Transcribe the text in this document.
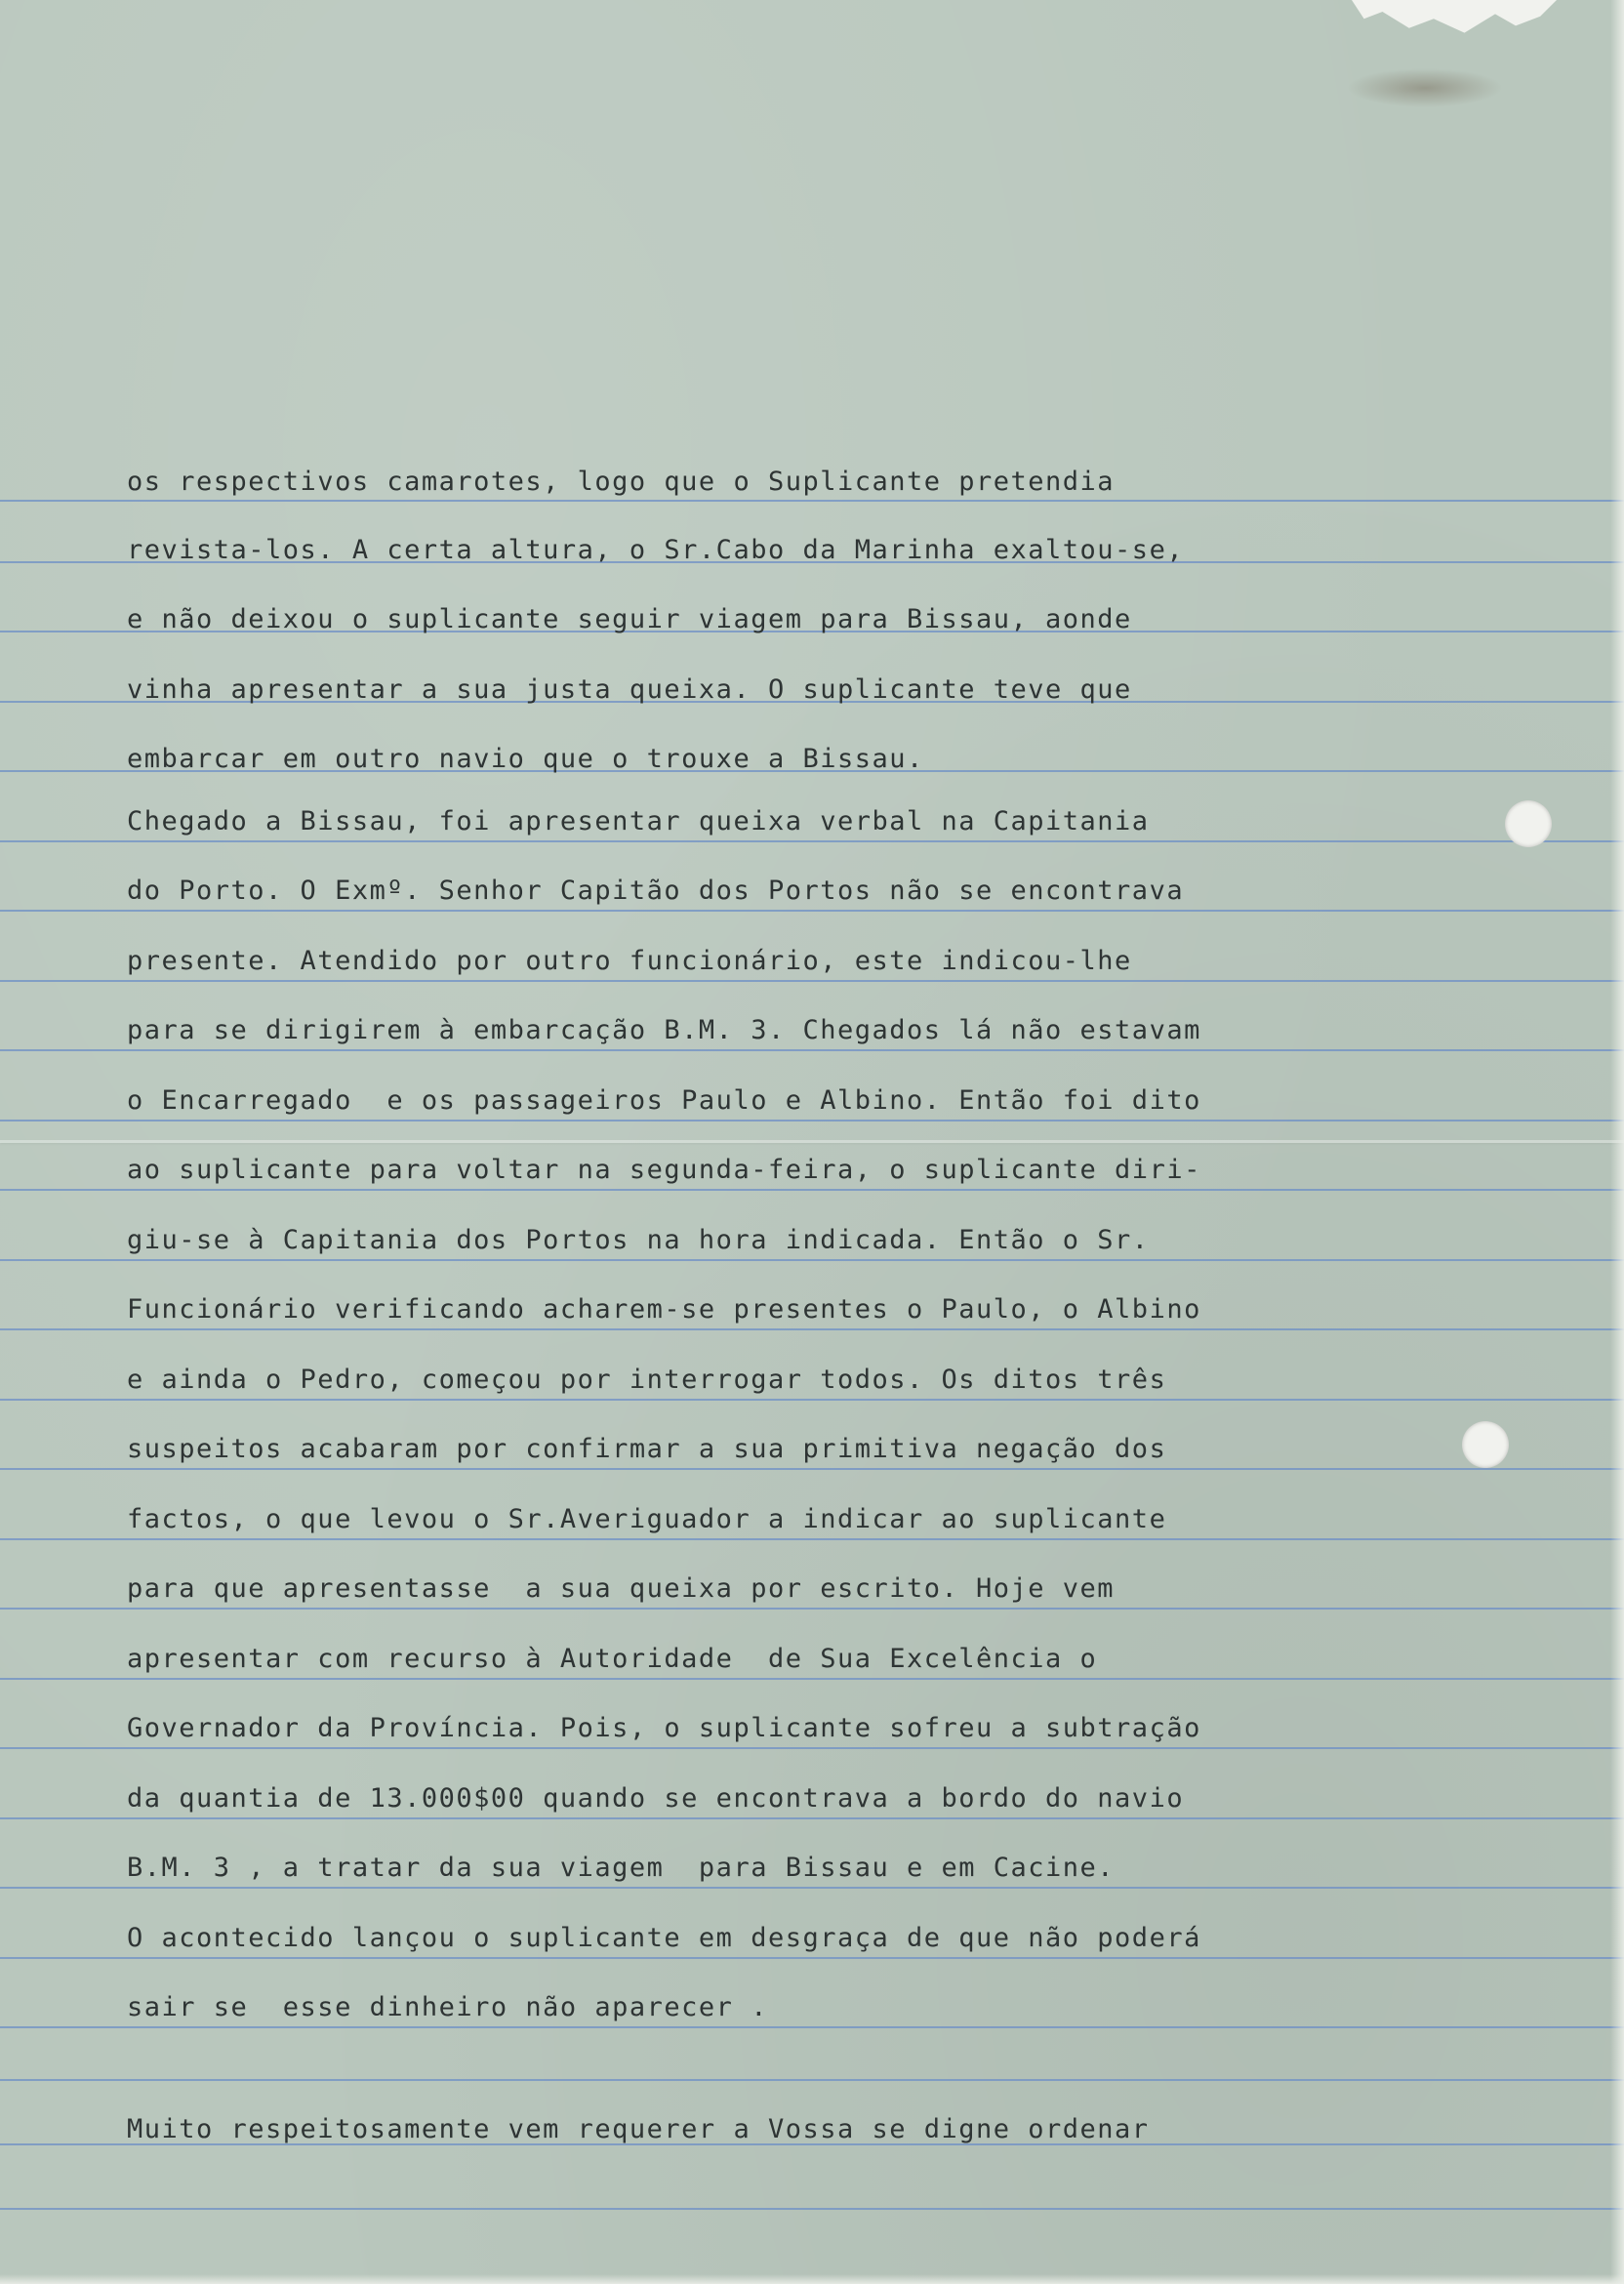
os respectivos camarotes, logo que o Suplicante pretendia
revista-los. A certa altura, o Sr.Cabo da Marinha exaltou-se,
e não deixou o suplicante seguir viagem para Bissau, aonde
vinha apresentar a sua justa queixa. O suplicante teve que
embarcar em outro navio que o trouxe a Bissau.
Chegado a Bissau, foi apresentar queixa verbal na Capitania
do Porto. O Exmº. Senhor Capitão dos Portos não se encontrava
presente. Atendido por outro funcionário, este indicou-lhe
para se dirigirem à embarcação B.M. 3. Chegados lá não estavam
o Encarregado  e os passageiros Paulo e Albino. Então foi dito
ao suplicante para voltar na segunda-feira, o suplicante diri-
giu-se à Capitania dos Portos na hora indicada. Então o Sr.
Funcionário verificando acharem-se presentes o Paulo, o Albino
e ainda o Pedro, começou por interrogar todos. Os ditos três
suspeitos acabaram por confirmar a sua primitiva negação dos
factos, o que levou o Sr.Averiguador a indicar ao suplicante
para que apresentasse  a sua queixa por escrito. Hoje vem
apresentar com recurso à Autoridade  de Sua Excelência o
Governador da Província. Pois, o suplicante sofreu a subtração
da quantia de 13.000$00 quando se encontrava a bordo do navio
B.M. 3 , a tratar da sua viagem  para Bissau e em Cacine.
O acontecido lançou o suplicante em desgraça de que não poderá
sair se  esse dinheiro não aparecer .
Muito respeitosamente vem requerer a Vossa se digne ordenar
